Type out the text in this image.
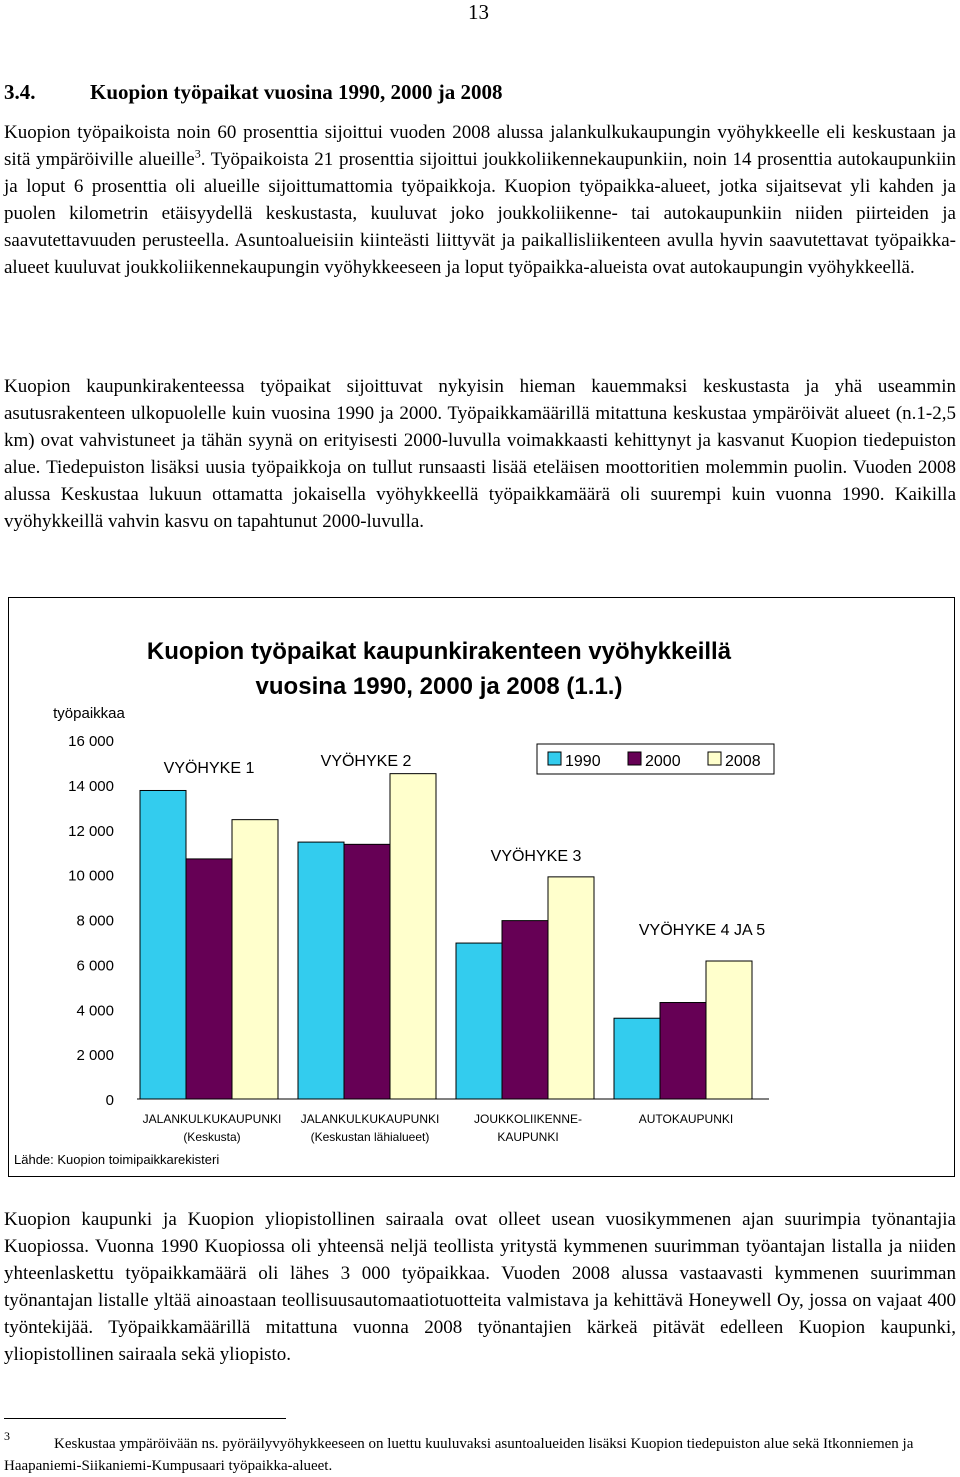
13
3.4.	Kuopion työpaikat vuosina 1990, 2000 ja 2008

Kuopion työpaikoista noin 60 prosenttia sijoittui vuoden 2008 alussa jalankulkukaupungin vyöhykkeelle eli keskustaan ja sitä ympäröiville alueille$^3$. Työpaikoista 21 prosenttia sijoittui joukkoliikennekaupunkiin, noin 14 prosenttia autokaupunkiin ja loput 6 prosenttia oli alueille sijoittumattomia työpaikkoja. Kuopion työpaikka-alueet, jotka sijaitsevat yli kahden ja puolen kilometrin etäisyydellä keskustasta, kuuluvat joko joukkoliikenne- tai autokaupunkiin niiden piirteiden ja saavutettavuuden perusteella. Asuntoalueisiin kiinteästi liittyvät ja paikallisliikenteen avulla hyvin saavutettavat työpaikka-alueet kuuluvat joukkoliikennekaupungin vyöhykkeeseen ja loput työpaikka-alueista ovat autokaupungin vyöhykkeellä.

Kuopion kaupunkirakenteessa työpaikat sijoittuvat nykyisin hieman kauemmaksi keskustasta ja yhä useammin asutusrakenteen ulkopuolelle kuin vuosina 1990 ja 2000. Työpaikkamäärillä mitattuna keskustaa ympäröivät alueet (n.1-2,5 km) ovat vahvistuneet ja tähän syynä on erityisesti 2000-luvulla voimakkaasti kehittynyt ja kasvanut Kuopion tiedepuiston alue. Tiedepuiston lisäksi uusia työpaikkoja on tullut runsaasti lisää eteläisen moottoritien molemmin puolin. Vuoden 2008 alussa Keskustaa lukuun ottamatta jokaisella vyöhykkeellä työpaikkamäärä oli suurempi kuin vuonna 1990. Kaikilla vyöhykkeillä vahvin kasvu on tapahtunut 2000-luvulla.

Kuopion työpaikat kaupunkirakenteen vyöhykkeillä
vuosina 1990, 2000 ja 2008 (1.1.)
työpaikkaa
0
2 000
4 000
6 000
8 000
10 000
12 000
14 000
16 000
VYÖHYKE 1	VYÖHYKE 2
VYÖHYKE 3
VYÖHYKE 4 JA 5
JALANKULKUKAUPUNKI
(Keskusta)
JALANKULKUKAUPUNKI
(Keskustan lähialueet)
JOUKKOLIIKENNE-
KAUPUNKI
AUTOKAUPUNKI
1990	2000	2008
Lähde: Kuopion toimipaikkarekisteri

Kuopion kaupunki ja Kuopion yliopistollinen sairaala ovat olleet usean vuosikymmenen ajan suurimpia työnantajia Kuopiossa. Vuonna 1990 Kuopiossa oli yhteensä neljä teollista yritystä kymmenen suurimman työantajan listalla ja niiden yhteenlaskettu työpaikkamäärä oli lähes 3 000 työpaikkaa. Vuoden 2008 alussa vastaavasti kymmenen suurimman työnantajan listalle yltää ainoastaan teollisuusautomaatiotuotteita valmistava ja kehittävä Honeywell Oy, jossa on vajaat 400 työntekijää. Työpaikkamäärillä mitattuna vuonna 2008 työnantajien kärkeä pitävät edelleen Kuopion kaupunki, yliopistollinen sairaala sekä yliopisto.

3	Keskustaa ympäröivään ns. pyöräilyvyöhykkeeseen on luettu kuuluvaksi asuntoalueiden lisäksi Kuopion tiedepuiston alue sekä Itkonniemen ja Haapaniemi-Siikaniemi-Kumpusaari työpaikka-alueet.
